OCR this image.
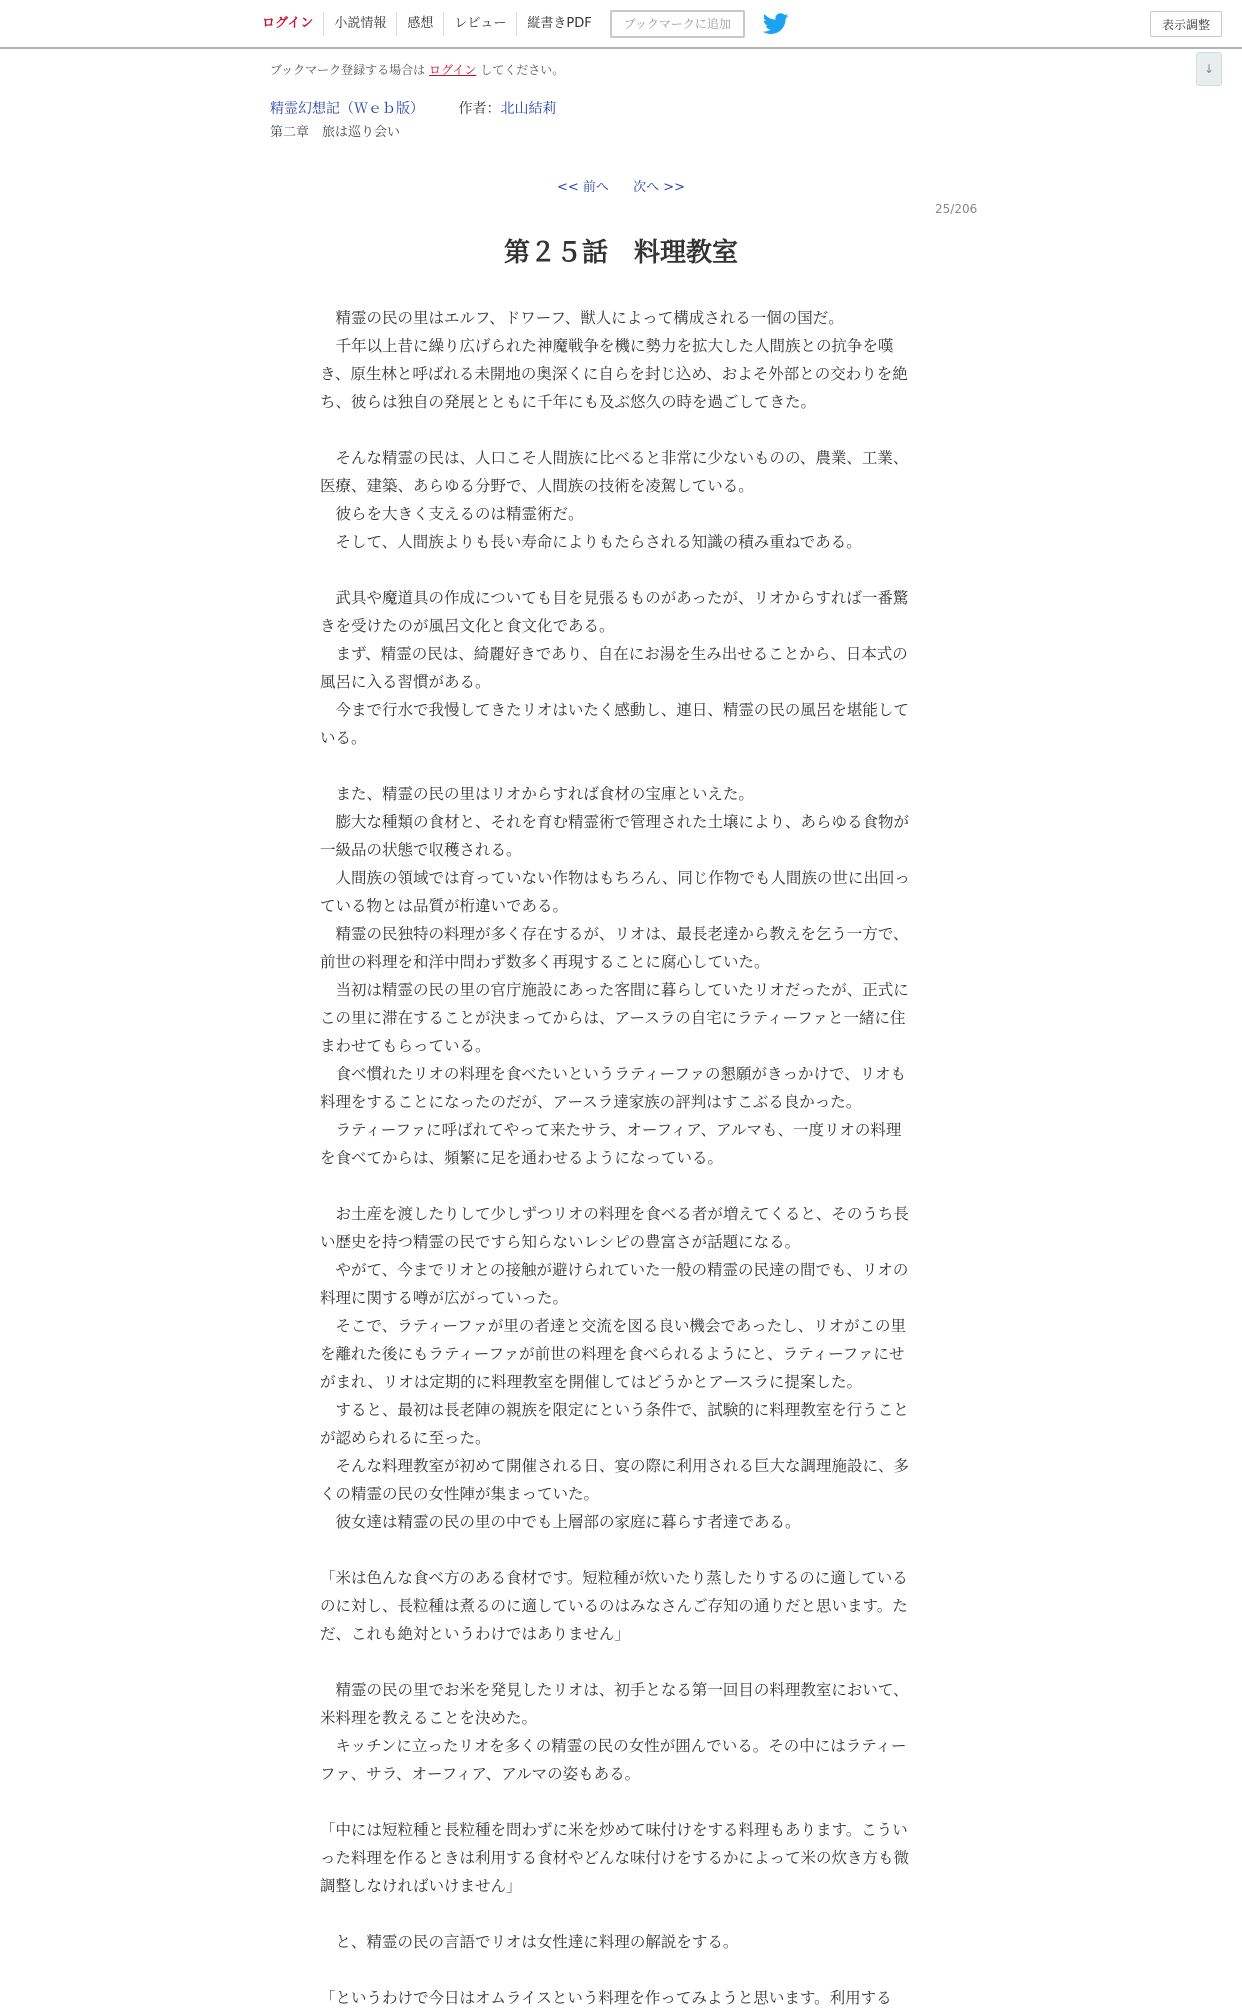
ログイン	小説情報	感想	レビュー	縦書きPDF	ブックマークに追加	表示調整
↓
ブックマーク登録する場合は ログイン してください。
精霊幻想記（Ｗｅｂ版） 作者：北山結莉
第二章　旅は巡り会い
<< 前へ 次へ >>
25/206
第２５話　料理教室

　精霊の民の里はエルフ、ドワーフ、獣人によって構成される一個の国だ。

　千年以上昔に繰り広げられた神魔戦争を機に勢力を拡大した人間族との抗争を嘆き、原生林と呼ばれる未開地の奥深くに自らを封じ込め、およそ外部との交わりを絶ち、彼らは独自の発展とともに千年にも及ぶ悠久の時を過ごしてきた。

　そんな精霊の民は、人口こそ人間族に比べると非常に少ないものの、農業、工業、医療、建築、あらゆる分野で、人間族の技術を凌駕している。

　彼らを大きく支えるのは精霊術だ。

　そして、人間族よりも長い寿命によりもたらされる知識の積み重ねである。

　武具や魔道具の作成についても目を見張るものがあったが、リオからすれば一番驚きを受けたのが風呂文化と食文化である。

　まず、精霊の民は、綺麗好きであり、自在にお湯を生み出せることから、日本式の風呂に入る習慣がある。

　今まで行水で我慢してきたリオはいたく感動し、連日、精霊の民の風呂を堪能している。

　また、精霊の民の里はリオからすれば食材の宝庫といえた。

　膨大な種類の食材と、それを育む精霊術で管理された土壌により、あらゆる食物が一級品の状態で収穫される。

　人間族の領域では育っていない作物はもちろん、同じ作物でも人間族の世に出回っている物とは品質が桁違いである。

　精霊の民独特の料理が多く存在するが、リオは、最長老達から教えを乞う一方で、前世の料理を和洋中問わず数多く再現することに腐心していた。

　当初は精霊の民の里の官庁施設にあった客間に暮らしていたリオだったが、正式にこの里に滞在することが決まってからは、アースラの自宅にラティーファと一緒に住まわせてもらっている。

　食べ慣れたリオの料理を食べたいというラティーファの懇願がきっかけで、リオも料理をすることになったのだが、アースラ達家族の評判はすこぶる良かった。

　ラティーファに呼ばれてやって来たサラ、オーフィア、アルマも、一度リオの料理を食べてからは、頻繁に足を通わせるようになっている。

　お土産を渡したりして少しずつリオの料理を食べる者が増えてくると、そのうち長い歴史を持つ精霊の民ですら知らないレシピの豊富さが話題になる。

　やがて、今までリオとの接触が避けられていた一般の精霊の民達の間でも、リオの料理に関する噂が広がっていった。

　そこで、ラティーファが里の者達と交流を図る良い機会であったし、リオがこの里を離れた後にもラティーファが前世の料理を食べられるようにと、ラティーファにせがまれ、リオは定期的に料理教室を開催してはどうかとアースラに提案した。

　すると、最初は長老陣の親族を限定にという条件で、試験的に料理教室を行うことが認められるに至った。

　そんな料理教室が初めて開催される日、宴の際に利用される巨大な調理施設に、多くの精霊の民の女性陣が集まっていた。

　彼女達は精霊の民の里の中でも上層部の家庭に暮らす者達である。

「米は色んな食べ方のある食材です。短粒種が炊いたり蒸したりするのに適しているのに対し、長粒種は煮るのに適しているのはみなさんご存知の通りだと思います。ただ、これも絶対というわけではありません」

　精霊の民の里でお米を発見したリオは、初手となる第一回目の料理教室において、米料理を教えることを決めた。

　キッチンに立ったリオを多くの精霊の民の女性が囲んでいる。その中にはラティーファ、サラ、オーフィア、アルマの姿もある。

「中には短粒種と長粒種を問わずに米を炒めて味付けをする料理もあります。こういった料理を作るときは利用する食材やどんな味付けをするかによって米の炊き方も微調整しなければいけません」

　と、精霊の民の言語でリオは女性達に料理の解説をする。

「というわけで今日はオムライスという料理を作ってみようと思います。利用する
